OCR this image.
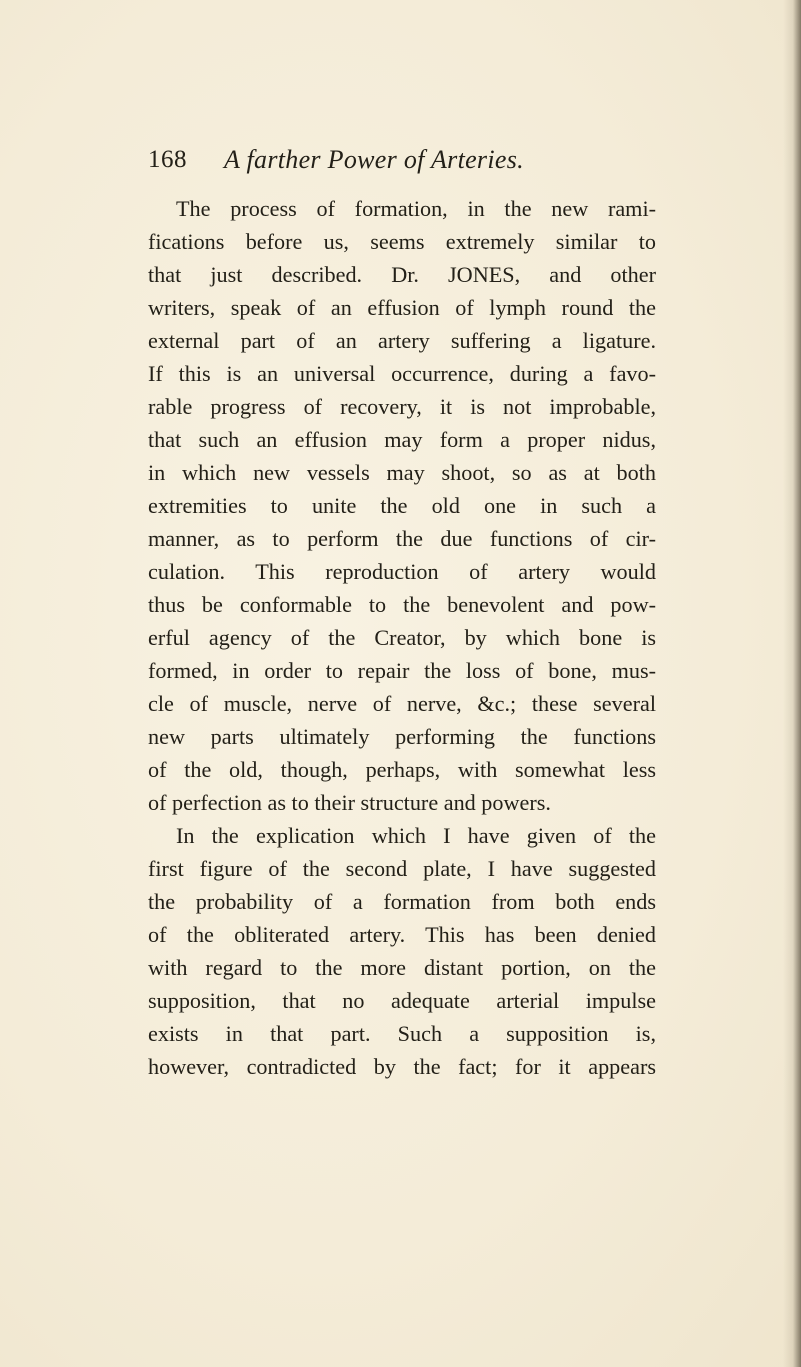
168 A farther Power of Arteries.
The process of formation, in the new rami-
fications before us, seems extremely similar to
that just described. Dr. JONES, and other
writers, speak of an effusion of lymph round the
external part of an artery suffering a ligature.
If this is an universal occurrence, during a favo-
rable progress of recovery, it is not improbable,
that such an effusion may form a proper nidus,
in which new vessels may shoot, so as at both
extremities to unite the old one in such a
manner, as to perform the due functions of cir-
culation. This reproduction of artery would
thus be conformable to the benevolent and pow-
erful agency of the Creator, by which bone is
formed, in order to repair the loss of bone, mus-
cle of muscle, nerve of nerve, &c.; these several
new parts ultimately performing the functions
of the old, though, perhaps, with somewhat less
of perfection as to their structure and powers.
In the explication which I have given of the
first figure of the second plate, I have suggested
the probability of a formation from both ends
of the obliterated artery. This has been denied
with regard to the more distant portion, on the
supposition, that no adequate arterial impulse
exists in that part. Such a supposition is,
however, contradicted by the fact; for it appears
